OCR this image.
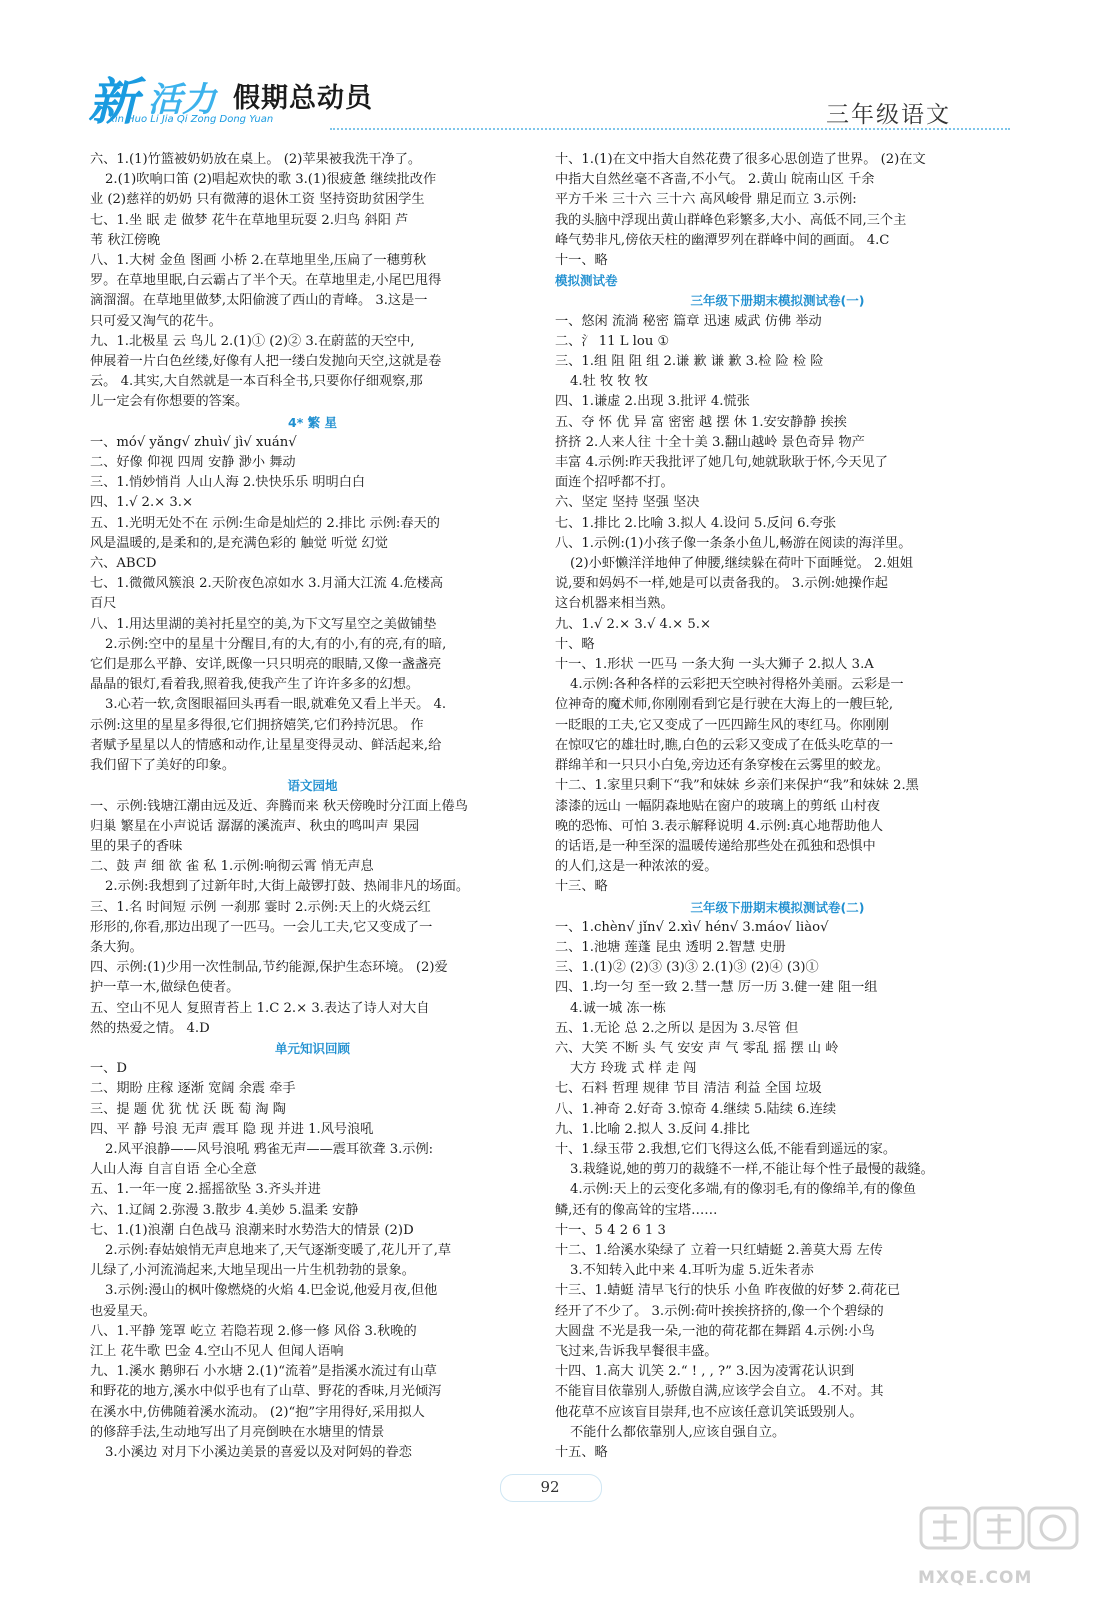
新 活力 假期总动员
Xin Huo Li Jia Qi Zong Dong Yuan	三年级语文
六、1.(1)竹篮被奶奶放在桌上。 (2)苹果被我洗干净了。
2.(1)吹响口笛 (2)唱起欢快的歌 3.(1)很疲惫 继续批改作
业 (2)慈祥的奶奶 只有微薄的退休工资 坚持资助贫困学生
七、1.坐 眠 走 做梦 花牛在草地里玩耍 2.归鸟 斜阳 芦
苇 秋江傍晚
八、1.大树 金鱼 图画 小桥 2.在草地里坐,压扁了一穗剪秋
罗。在草地里眠,白云霸占了半个天。在草地里走,小尾巴甩得
滴溜溜。在草地里做梦,太阳偷渡了西山的青峰。 3.这是一
只可爱又淘气的花牛。
九、1.北极星 云 鸟儿 2.(1)① (2)② 3.在蔚蓝的天空中,
伸展着一片白色丝缕,好像有人把一缕白发抛向天空,这就是卷
云。 4.其实,大自然就是一本百科全书,只要你仔细观察,那
儿一定会有你想要的答案。
4* 繁 星
一、mó√ yǎng√ zhuì√ jì√ xuán√
二、好像 仰视 四周 安静 渺小 舞动
三、1.悄妙悄肖 人山人海 2.快快乐乐 明明白白
四、1.√ 2.× 3.×
五、1.光明无处不在 示例:生命是灿烂的 2.排比 示例:春天的
风是温暖的,是柔和的,是充满色彩的 触觉 听觉 幻觉
六、ABCD
七、1.微微风簇浪 2.天阶夜色凉如水 3.月涌大江流 4.危楼高
百尺
八、1.用达里湖的美衬托星空的美,为下文写星空之美做铺垫
2.示例:空中的星星十分醒目,有的大,有的小,有的亮,有的暗,
它们是那么平静、安详,既像一只只明亮的眼睛,又像一盏盏亮
晶晶的银灯,看着我,照着我,使我产生了许许多多的幻想。
3.心若一软,贪图眼福回头再看一眼,就难免又看上半天。 4.
示例:这里的星星多得很,它们拥挤嬉笑,它们矜持沉思。 作
者赋予星星以人的情感和动作,让星星变得灵动、鲜活起来,给
我们留下了美好的印象。
语文园地
一、示例:钱塘江潮由远及近、奔腾而来 秋天傍晚时分江面上倦鸟
归巢 繁星在小声说话 潺潺的溪流声、秋虫的鸣叫声 果园
里的果子的香味
二、鼓 声 细 欲 雀 私 1.示例:响彻云霄 悄无声息
2.示例:我想到了过新年时,大街上敲锣打鼓、热闹非凡的场面。
三、1.名 时间短 示例 一刹那 霎时 2.示例:天上的火烧云红
形形的,你看,那边出现了一匹马。一会儿工夫,它又变成了一
条大狗。
四、示例:(1)少用一次性制品,节约能源,保护生态环境。 (2)爱
护一草一木,做绿色使者。
五、空山不见人 复照青苔上 1.C 2.× 3.表达了诗人对大自
然的热爱之情。 4.D
单元知识回顾
一、D
二、期盼 庄稼 逐渐 宽阔 余震 牵手
三、提 题 优 犹 忧 沃 既 萄 淘 陶
四、平 静 号浪 无声 震耳 隐 现 并进 1.风号浪吼
2.风平浪静——风号浪吼 鸦雀无声——震耳欲聋 3.示例:
人山人海 自言自语 全心全意
五、1.一年一度 2.摇摇欲坠 3.齐头并进
六、1.辽阔 2.弥漫 3.散步 4.美妙 5.温柔 安静
七、1.(1)浪潮 白色战马 浪潮来时水势浩大的情景 (2)D
2.示例:春姑娘悄无声息地来了,天气逐渐变暖了,花儿开了,草
儿绿了,小河流淌起来,大地呈现出一片生机勃勃的景象。
3.示例:漫山的枫叶像燃烧的火焰 4.巴金说,他爱月夜,但他
也爱星天。
八、1.平静 笼罩 屹立 若隐若现 2.修一修 风俗 3.秋晚的
江上 花牛歌 巴金 4.空山不见人 但闻人语响
九、1.溪水 鹅卵石 小水塘 2.(1)“流着”是指溪水流过有山草
和野花的地方,溪水中似乎也有了山草、野花的香味,月光倾泻
在溪水中,仿佛随着溪水流动。 (2)“抱”字用得好,采用拟人
的修辞手法,生动地写出了月亮倒映在水塘里的情景
3.小溪边 对月下小溪边美景的喜爱以及对阿妈的眷恋
十、1.(1)在文中指大自然花费了很多心思创造了世界。 (2)在文
中指大自然丝毫不吝啬,不小气。 2.黄山 皖南山区 千余
平方千米 三十六 三十六 高风峻骨 鼎足而立 3.示例:
我的头脑中浮现出黄山群峰色彩繁多,大小、高低不同,三个主
峰气势非凡,傍依天柱的幽潭罗列在群峰中间的画面。 4.C
十一、略
模拟测试卷
三年级下册期末模拟测试卷(一)
一、悠闲 流淌 秘密 篇章 迅速 威武 仿佛 举动
二、氵 11 L lou ①
三、1.组 阻 阻 组 2.谦 歉 谦 歉 3.检 险 检 险
4.牡 牧 牧 牧
四、1.谦虚 2.出现 3.批评 4.慌张
五、夺 怀 优 异 富 密密 越 摆 休 1.安安静静 挨挨
挤挤 2.人来人往 十全十美 3.翻山越岭 景色奇异 物产
丰富 4.示例:昨天我批评了她几句,她就耿耿于怀,今天见了
面连个招呼都不打。
六、坚定 坚持 坚强 坚决
七、1.排比 2.比喻 3.拟人 4.设问 5.反问 6.夸张
八、1.示例:(1)小孩子像一条条小鱼儿,畅游在阅读的海洋里。
(2)小虾懒洋洋地伸了伸腰,继续躲在荷叶下面睡觉。 2.姐姐
说,要和妈妈不一样,她是可以责备我的。 3.示例:她操作起
这台机器来相当熟。
九、1.√ 2.× 3.√ 4.× 5.×
十、略
十一、1.形状 一匹马 一条大狗 一头大狮子 2.拟人 3.A
4.示例:各种各样的云彩把天空映衬得格外美丽。云彩是一
位神奇的魔术师,你刚刚看到它是行驶在大海上的一艘巨轮,
一眨眼的工夫,它又变成了一匹四蹄生风的枣红马。你刚刚
在惊叹它的雄壮时,瞧,白色的云彩又变成了在低头吃草的一
群绵羊和一只只小白兔,旁边还有条穿梭在云雾里的蛟龙。
十二、1.家里只剩下“我”和妹妹 乡亲们来保护“我”和妹妹 2.黑
漆漆的远山 一幅阴森地贴在窗户的玻璃上的剪纸 山村夜
晚的恐怖、可怕 3.表示解释说明 4.示例:真心地帮助他人
的话语,是一种至深的温暖传递给那些处在孤独和恐惧中
的人们,这是一种浓浓的爱。
十三、略
三年级下册期末模拟测试卷(二)
一、1.chèn√ jǐn√ 2.xì√ hén√ 3.máo√ liào√
二、1.池塘 莲蓬 昆虫 透明 2.智慧 史册
三、1.(1)② (2)③ (3)③ 2.(1)③ (2)④ (3)①
四、1.均一匀 至一致 2.彗一慧 厉一历 3.健一建 阻一组
4.诚一城 冻一栋
五、1.无论 总 2.之所以 是因为 3.尽管 但
六、大笑 不断 头 气 安安 声 气 零乱 摇 摆 山 岭
大方 玲珑 式 样 走 闯
七、石料 哲理 规律 节目 清洁 利益 全国 垃圾
八、1.神奇 2.好奇 3.惊奇 4.继续 5.陆续 6.连续
九、1.比喻 2.拟人 3.反问 4.排比
十、1.绿玉带 2.我想,它们飞得这么低,不能看到遥远的家。
3.栽缝说,她的剪刀的裁缝不一样,不能让每个性子最慢的裁缝。
4.示例:天上的云变化多端,有的像羽毛,有的像绵羊,有的像鱼
鳞,还有的像高耸的宝塔……
十一、5 4 2 6 1 3
十二、1.给溪水染绿了 立着一只红蜻蜓 2.善莫大焉 左传
3.不知转入此中来 4.耳听为虚 5.近朱者赤
十三、1.蜻蜓 清早飞行的快乐 小鱼 昨夜做的好梦 2.荷花已
经开了不少了。 3.示例:荷叶挨挨挤挤的,像一个个碧绿的
大圆盘 不光是我一朵,一池的荷花都在舞蹈 4.示例:小鸟
飞过来,告诉我早餐很丰盛。
十四、1.高大 讥笑 2.“ ! , , ?” 3.因为凌霄花认识到
不能盲目依靠别人,骄傲自满,应该学会自立。 4.不对。其
他花草不应该盲目崇拜,也不应该任意讥笑诋毁别人。
不能什么都依靠别人,应该自强自立。
十五、略
92
MXQE.COM
